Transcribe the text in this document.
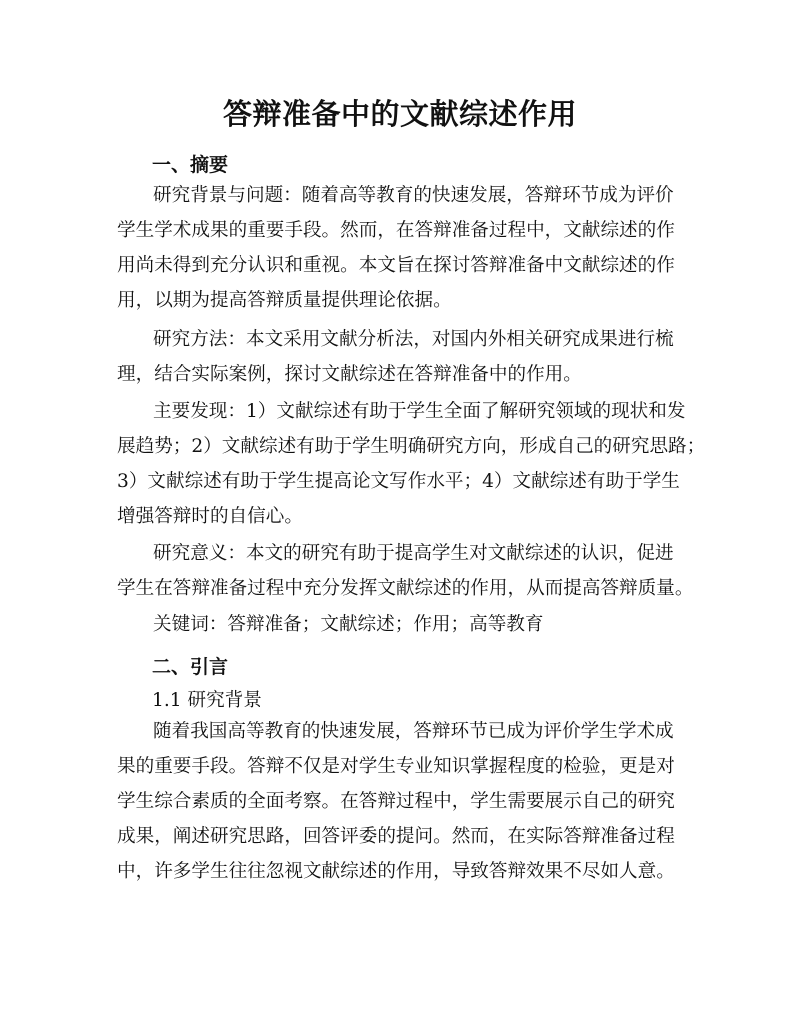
答辩准备中的文献综述作用
一、摘要

研究背景与问题：随着高等教育的快速发展，答辩环节成为评价
学生学术成果的重要手段。然而，在答辩准备过程中，文献综述的作
用尚未得到充分认识和重视。本文旨在探讨答辩准备中文献综述的作
用，以期为提高答辩质量提供理论依据。

研究方法：本文采用文献分析法，对国内外相关研究成果进行梳
理，结合实际案例，探讨文献综述在答辩准备中的作用。

主要发现：1）文献综述有助于学生全面了解研究领域的现状和发
展趋势；2）文献综述有助于学生明确研究方向，形成自己的研究思路；
3）文献综述有助于学生提高论文写作水平；4）文献综述有助于学生
增强答辩时的自信心。

研究意义：本文的研究有助于提高学生对文献综述的认识，促进
学生在答辩准备过程中充分发挥文献综述的作用，从而提高答辩质量。

关键词：答辩准备；文献综述；作用；高等教育

二、引言
1.1 研究背景

随着我国高等教育的快速发展，答辩环节已成为评价学生学术成
果的重要手段。答辩不仅是对学生专业知识掌握程度的检验，更是对
学生综合素质的全面考察。在答辩过程中，学生需要展示自己的研究
成果，阐述研究思路，回答评委的提问。然而，在实际答辩准备过程
中，许多学生往往忽视文献综述的作用，导致答辩效果不尽如人意。
